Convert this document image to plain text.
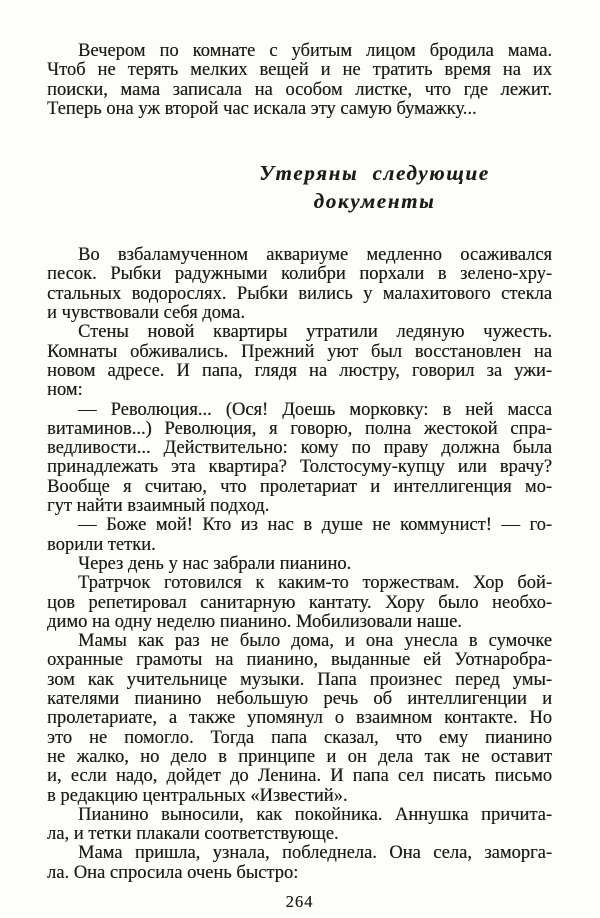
Вечером по комнате с убитым лицом бродила мама.
Чтоб не терять мелких вещей и не тратить время на их
поиски, мама записала на особом листке, что где лежит.
Теперь она уж второй час искала эту самую бумажку...
Утеряны следующие документы
Во взбаламученном аквариуме медленно осаживался
песок. Рыбки радужными колибри порхали в зелено-хру-
стальных водорослях. Рыбки вились у малахитового стекла
и чувствовали себя дома.
Стены новой квартиры утратили ледяную чужесть.
Комнаты обживались. Прежний уют был восстановлен на
новом адресе. И папа, глядя на люстру, говорил за ужи-
ном:
— Революция... (Ося! Доешь морковку: в ней масса
витаминов...) Революция, я говорю, полна жестокой спра-
ведливости... Действительно: кому по праву должна была
принадлежать эта квартира? Толстосуму-купцу или врачу?
Вообще я считаю, что пролетариат и интеллигенция мо-
гут найти взаимный подход.
— Боже мой! Кто из нас в душе не коммунист! — го-
ворили тетки.
Через день у нас забрали пианино.
Тратрчок готовился к каким-то торжествам. Хор бой-
цов репетировал санитарную кантату. Хору было необхо-
димо на одну неделю пианино. Мобилизовали наше.
Мамы как раз не было дома, и она унесла в сумочке
охранные грамоты на пианино, выданные ей Уотнаробра-
зом как учительнице музыки. Папа произнес перед умы-
кателями пианино небольшую речь об интеллигенции и
пролетариате, а также упомянул о взаимном контакте. Но
это не помогло. Тогда папа сказал, что ему пианино
не жалко, но дело в принципе и он дела так не оставит
и, если надо, дойдет до Ленина. И папа сел писать письмо
в редакцию центральных «Известий».
Пианино выносили, как покойника. Аннушка причита-
ла, и тетки плакали соответствующе.
Мама пришла, узнала, побледнела. Она села, заморга-
ла. Она спросила очень быстро:
264
